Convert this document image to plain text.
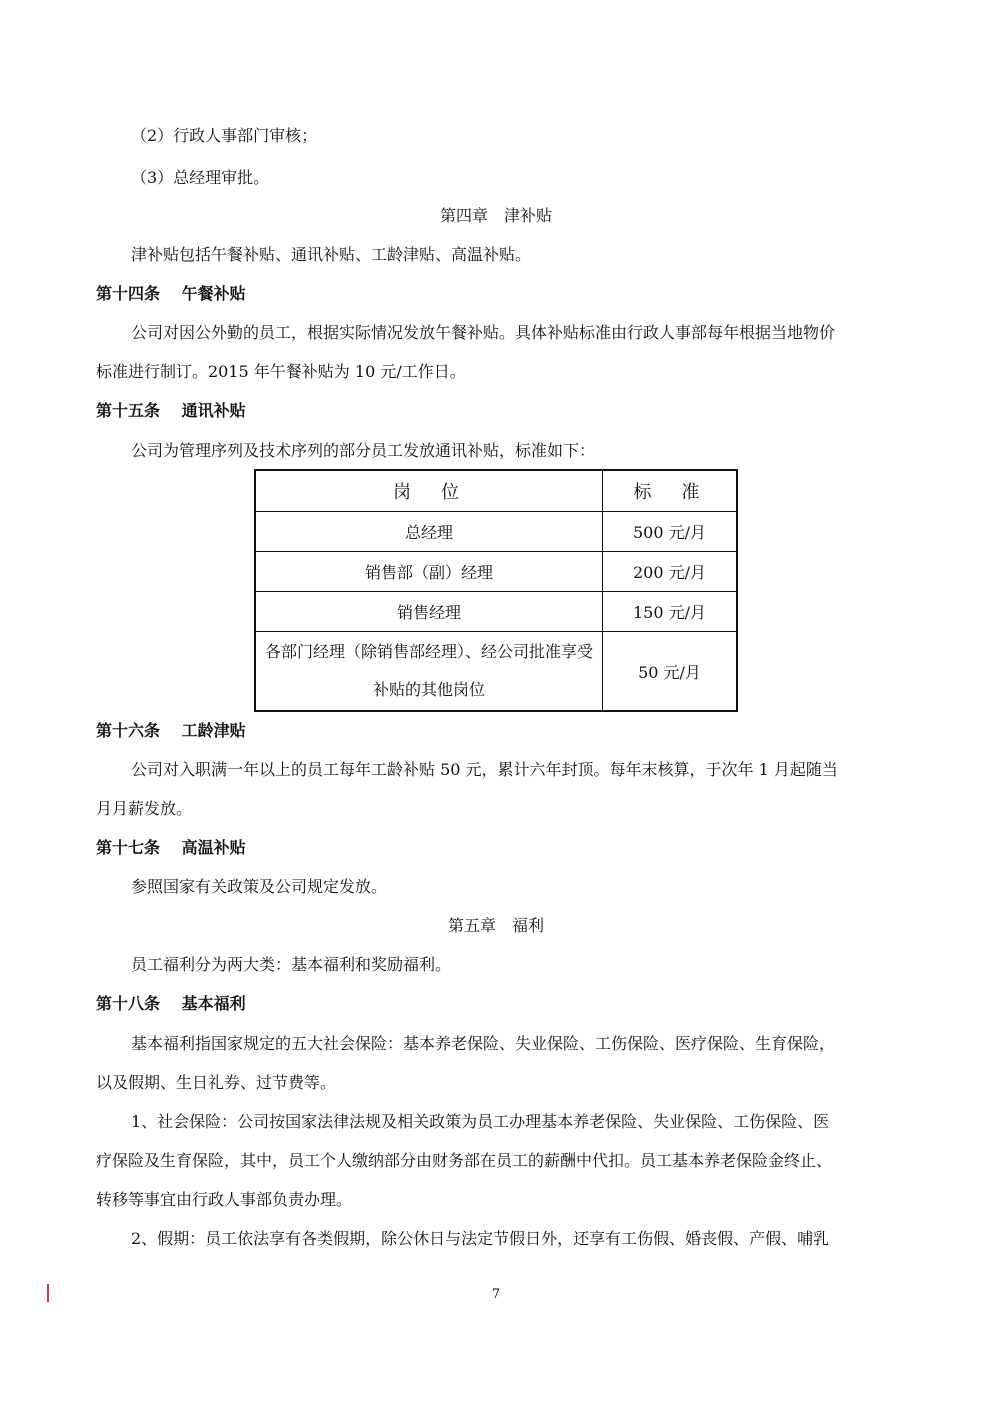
（2）行政人事部门审核；
（3）总经理审批。
第四章　津补贴
津补贴包括午餐补贴、通讯补贴、工龄津贴、高温补贴。
第十四条　 午餐补贴
公司对因公外勤的员工，根据实际情况发放午餐补贴。具体补贴标准由行政人事部每年根据当地物价
标准进行制订。2015 年午餐补贴为 10 元/工作日。
第十五条　 通讯补贴
公司为管理序列及技术序列的部分员工发放通讯补贴，标准如下：
岗　位	标　准
总经理	500 元/月
销售部（副）经理	200 元/月
销售经理	150 元/月
各部门经理（除销售部经理）、经公司批准享受补贴的其他岗位	50 元/月
第十六条　 工龄津贴
公司对入职满一年以上的员工每年工龄补贴 50 元，累计六年封顶。每年末核算，于次年 1 月起随当
月月薪发放。
第十七条　 高温补贴
参照国家有关政策及公司规定发放。
第五章　福利
员工福利分为两大类：基本福利和奖励福利。
第十八条　 基本福利
基本福利指国家规定的五大社会保险：基本养老保险、失业保险、工伤保险、医疗保险、生育保险，
以及假期、生日礼券、过节费等。
1、社会保险：公司按国家法律法规及相关政策为员工办理基本养老保险、失业保险、工伤保险、医
疗保险及生育保险，其中，员工个人缴纳部分由财务部在员工的薪酬中代扣。员工基本养老保险金终止、
转移等事宜由行政人事部负责办理。
2、假期：员工依法享有各类假期，除公休日与法定节假日外，还享有工伤假、婚丧假、产假、哺乳
7
